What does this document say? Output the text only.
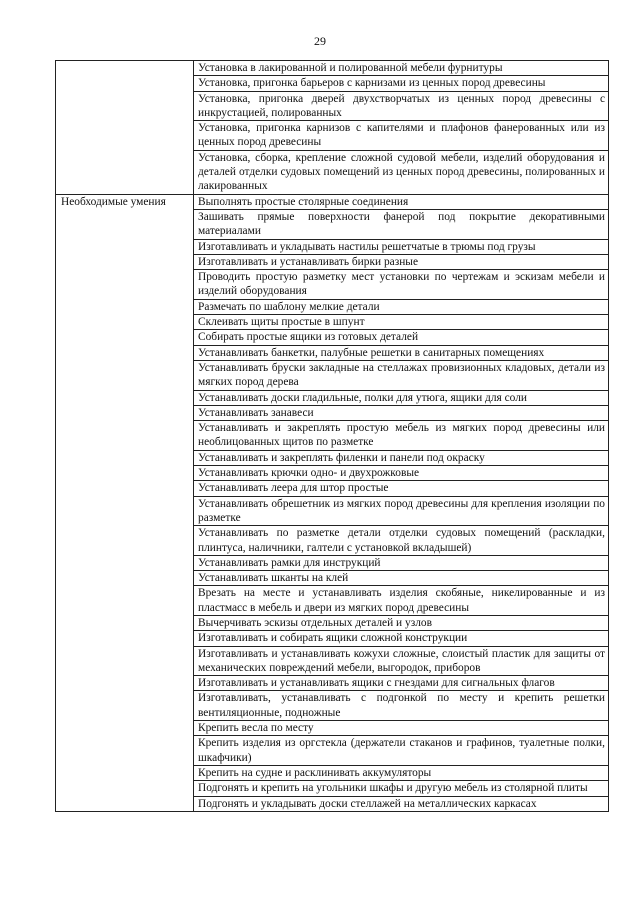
29
	Установка в лакированной и полированной мебели фурнитуры
	Установка, пригонка барьеров с карнизами из ценных пород древесины
	Установка, пригонка дверей двухстворчатых из ценных пород древесины с инкрустацией, полированных
	Установка, пригонка карнизов с капителями и плафонов фанерованных или из ценных пород древесины
	Установка, сборка, крепление сложной судовой мебели, изделий оборудования и деталей отделки судовых помещений из ценных пород древесины, полированных и лакированных
Необходимые умения	Выполнять простые столярные соединения
	Зашивать прямые поверхности фанерой под покрытие декоративными материалами
	Изготавливать и укладывать настилы решетчатые в трюмы под грузы
	Изготавливать и устанавливать бирки разные
	Проводить простую разметку мест установки по чертежам и эскизам мебели и изделий оборудования
	Размечать по шаблону мелкие детали
	Склеивать щиты простые в шпунт
	Собирать простые ящики из готовых деталей
	Устанавливать банкетки, палубные решетки в санитарных помещениях
	Устанавливать бруски закладные на стеллажах провизионных кладовых, детали из мягких пород дерева
	Устанавливать доски гладильные, полки для утюга, ящики для соли
	Устанавливать занавеси
	Устанавливать и закреплять простую мебель из мягких пород древесины или необлицованных щитов по разметке
	Устанавливать и закреплять филенки и панели под окраску
	Устанавливать крючки одно- и двухрожковые
	Устанавливать леера для штор простые
	Устанавливать обрешетник из мягких пород древесины для крепления изоляции по разметке
	Устанавливать по разметке детали отделки судовых помещений (раскладки, плинтуса, наличники, галтели с установкой вкладышей)
	Устанавливать рамки для инструкций
	Устанавливать шканты на клей
	Врезать на месте и устанавливать изделия скобяные, никелированные и из пластмасс в мебель и двери из мягких пород древесины
	Вычерчивать эскизы отдельных деталей и узлов
	Изготавливать и собирать ящики сложной конструкции
	Изготавливать и устанавливать кожухи сложные, слоистый пластик для защиты от механических повреждений мебели, выгородок, приборов
	Изготавливать и устанавливать ящики с гнездами для сигнальных флагов
	Изготавливать, устанавливать с подгонкой по месту и крепить решетки вентиляционные, подножные
	Крепить весла по месту
	Крепить изделия из оргстекла (держатели стаканов и графинов, туалетные полки, шкафчики)
	Крепить на судне и расклинивать аккумуляторы
	Подгонять и крепить на угольники шкафы и другую мебель из столярной плиты
	Подгонять и укладывать доски стеллажей на металлических каркасах
